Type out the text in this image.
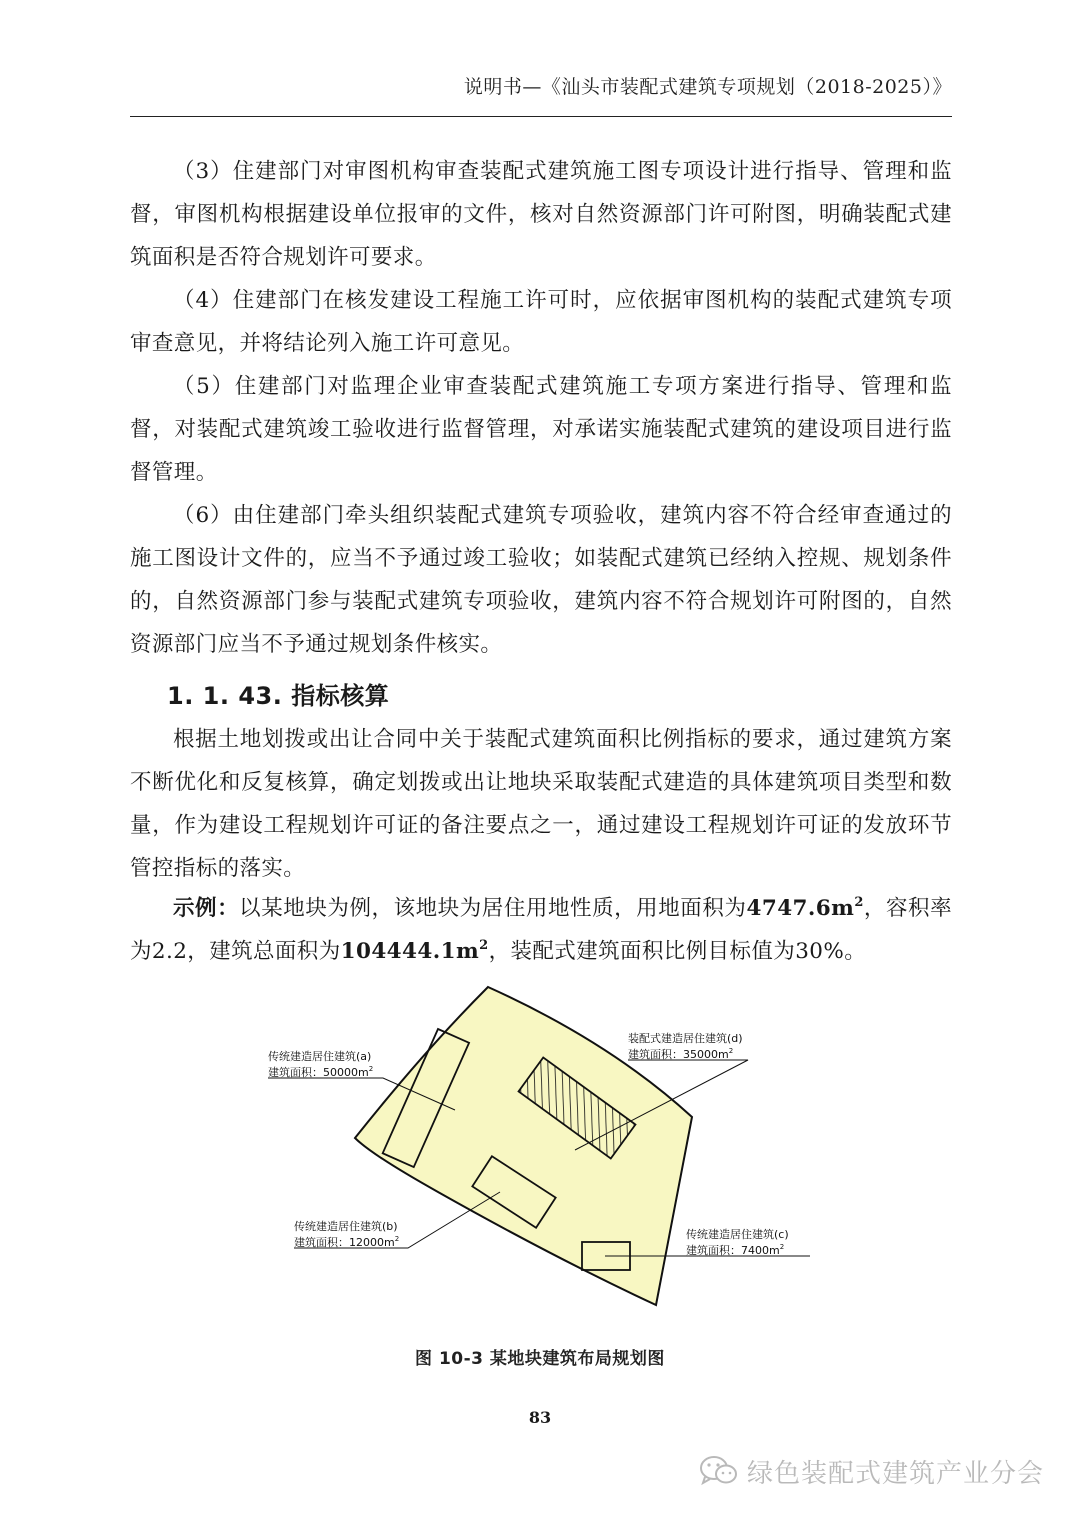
说明书—《汕头市装配式建筑专项规划（2018-2025）》

（3）住建部门对审图机构审查装配式建筑施工图专项设计进行指导、管理和监督，审图机构根据建设单位报审的文件，核对自然资源部门许可附图，明确装配式建筑面积是否符合规划许可要求。

（4）住建部门在核发建设工程施工许可时，应依据审图机构的装配式建筑专项审查意见，并将结论列入施工许可意见。

（5）住建部门对监理企业审查装配式建筑施工专项方案进行指导、管理和监督，对装配式建筑竣工验收进行监督管理，对承诺实施装配式建筑的建设项目进行监督管理。

（6）由住建部门牵头组织装配式建筑专项验收，建筑内容不符合经审查通过的施工图设计文件的，应当不予通过竣工验收；如装配式建筑已经纳入控规、规划条件的，自然资源部门参与装配式建筑专项验收，建筑内容不符合规划许可附图的，自然资源部门应当不予通过规划条件核实。

1. 1. 43. 指标核算

根据土地划拨或出让合同中关于装配式建筑面积比例指标的要求，通过建筑方案不断优化和反复核算，确定划拨或出让地块采取装配式建造的具体建筑项目类型和数量，作为建设工程规划许可证的备注要点之一，通过建设工程规划许可证的发放环节管控指标的落实。

示例：以某地块为例，该地块为居住用地性质，用地面积为$4747.6m^2$，容积率为2.2，建筑总面积为$104444.1m^2$，装配式建筑面积比例目标值为30%。

传统建造居住建筑(a)
建筑面积：$50000m^2$
装配式建造居住建筑(d)
建筑面积：$35000m^2$
传统建造居住建筑(b)
建筑面积：$12000m^2$	传统建造居住建筑(c)
建筑面积：$7400m^2$
图 10-3 某地块建筑布局规划图
83
绿色装配式建筑产业分会
